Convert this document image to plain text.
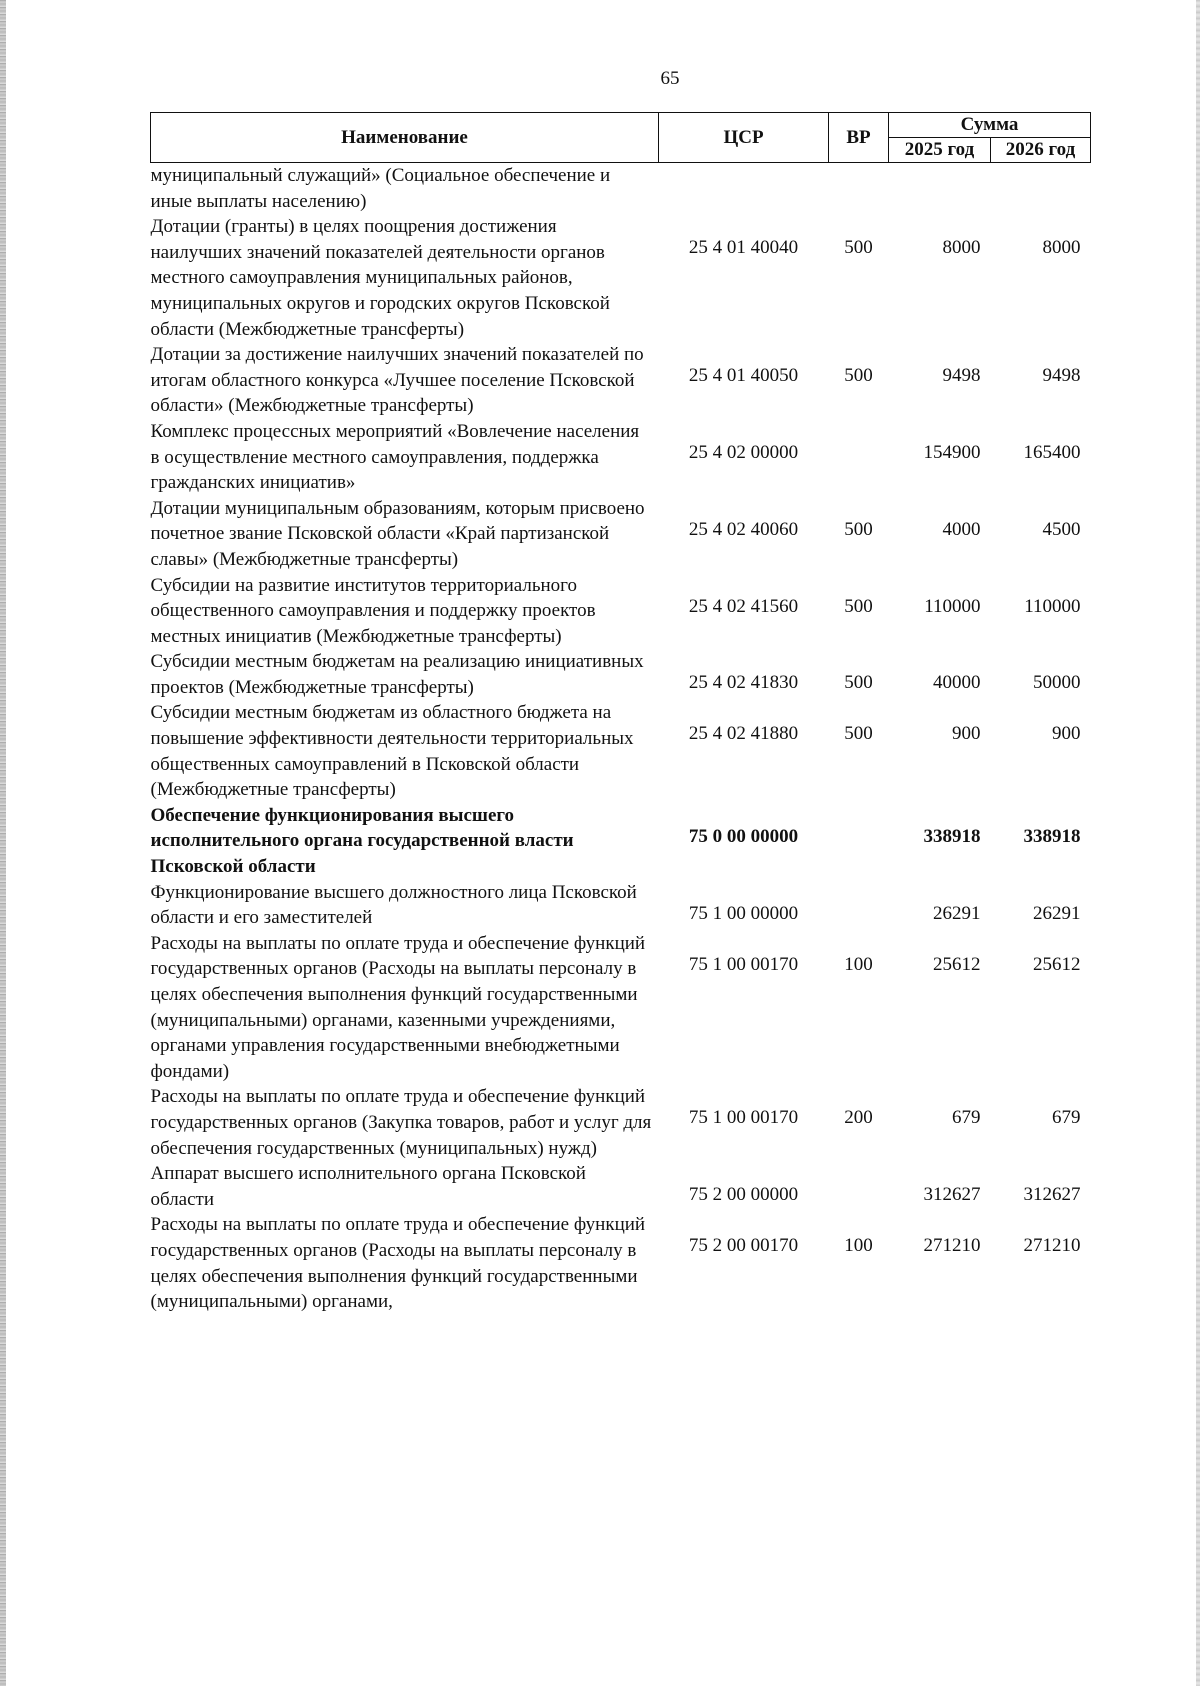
65
Наименование	ЦСР	ВР	Сумма	
			2025 год	2026 год
муниципальный служащий» (Социальное обеспечение и иные выплаты населению)				
Дотации (гранты) в целях поощрения достижения наилучших значений показателей деятельности органов местного самоуправления муниципальных районов, муниципальных округов и городских округов Псковской области (Межбюджетные трансферты)	25 4 01 40040	500	8000	8000
Дотации за достижение наилучших значений показателей по итогам областного конкурса «Лучшее поселение Псковской области» (Межбюджетные трансферты)	25 4 01 40050	500	9498	9498
Комплекс процессных мероприятий «Вовлечение населения в осуществление местного самоуправления, поддержка гражданских инициатив»	25 4 02 00000		154900	165400
Дотации муниципальным образованиям, которым присвоено почетное звание Псковской области «Край партизанской славы» (Межбюджетные трансферты)	25 4 02 40060	500	4000	4500
Субсидии на развитие институтов территориального общественного самоуправления и поддержку проектов местных инициатив (Межбюджетные трансферты)	25 4 02 41560	500	110000	110000
Субсидии местным бюджетам на реализацию инициативных проектов (Межбюджетные трансферты)	25 4 02 41830	500	40000	50000
Субсидии местным бюджетам из областного бюджета на повышение эффективности деятельности территориальных общественных самоуправлений в Псковской области (Межбюджетные трансферты)	25 4 02 41880	500	900	900
Обеспечение функционирования высшего исполнительного органа государственной власти Псковской области	75 0 00 00000		338918	338918
Функционирование высшего должностного лица Псковской области и его заместителей	75 1 00 00000		26291	26291
Расходы на выплаты по оплате труда и обеспечение функций государственных органов (Расходы на выплаты персоналу в целях обеспечения выполнения функций государственными (муниципальными) органами, казенными учреждениями, органами управления государственными внебюджетными фондами)	75 1 00 00170	100	25612	25612
Расходы на выплаты по оплате труда и обеспечение функций государственных органов (Закупка товаров, работ и услуг для обеспечения государственных (муниципальных) нужд)	75 1 00 00170	200	679	679
Аппарат высшего исполнительного органа Псковской области	75 2 00 00000		312627	312627
Расходы на выплаты по оплате труда и обеспечение функций государственных органов (Расходы на выплаты персоналу в целях обеспечения выполнения функций государственными (муниципальными) органами,	75 2 00 00170	100	271210	271210
